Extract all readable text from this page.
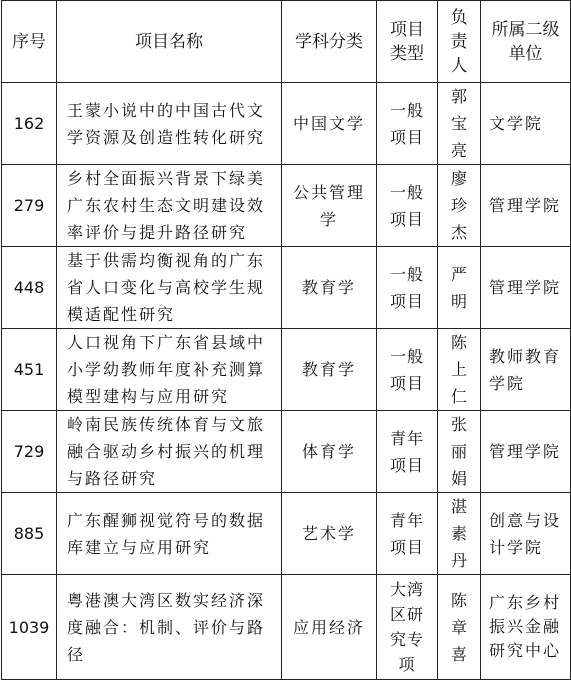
序号	项目名称	学科分类	项目类型	负责人	所属二级单位
162	王蒙小说中的中国古代文学资源及创造性转化研究	中国文学	一般项目	郭宝亮	文学院
279	乡村全面振兴背景下绿美广东农村生态文明建设效率评价与提升路径研究	公共管理学	一般项目	廖珍杰	管理学院
448	基于供需均衡视角的广东省人口变化与高校学生规模适配性研究	教育学	一般项目	严明	管理学院
451	人口视角下广东省县域中小学幼教师年度补充测算模型建构与应用研究	教育学	一般项目	陈上仁	教师教育学院
729	岭南民族传统体育与文旅融合驱动乡村振兴的机理与路径研究	体育学	青年项目	张丽娟	管理学院
885	广东醒狮视觉符号的数据库建立与应用研究	艺术学	青年项目	湛素丹	创意与设计学院
1039	粤港澳大湾区数实经济深度融合：机制、评价与路径	应用经济	大湾区研究专项	陈章喜	广东乡村振兴金融研究中心
